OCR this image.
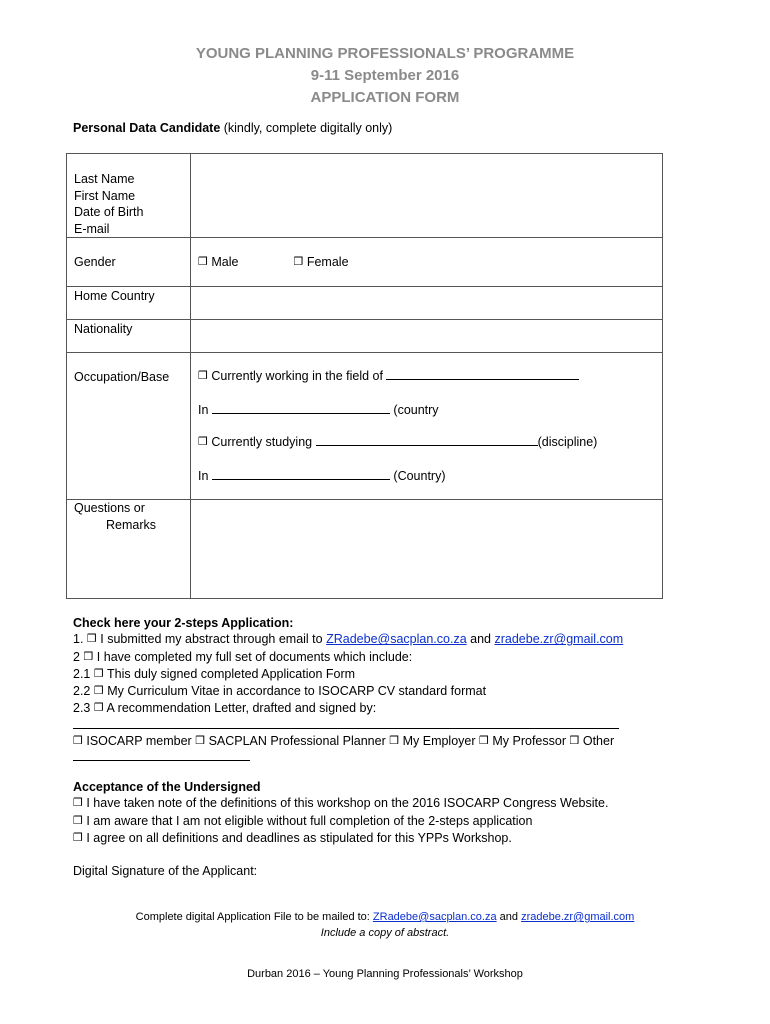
YOUNG PLANNING PROFESSIONALS’ PROGRAMME
9-11 September 2016
APPLICATION FORM
Personal Data Candidate (kindly, complete digitally only)
Last Name
First Name
Date of Birth
E-mail	

Gender	❒ Male ❒ Female
Home Country	
Nationality	
Occupation/Base	❒ Currently working in the field of
In (country
❒ Currently studying (discipline)
In (Country)

Questions or
Remarks	

Check here your 2-steps Application:
1. ❒ I submitted my abstract through email to ZRadebe@sacplan.co.za and zradebe.zr@gmail.com
2 ❒ I have completed my full set of documents which include:
2.1 ❒ This duly signed completed Application Form
2.2 ❒ My Curriculum Vitae in accordance to ISOCARP CV standard format
2.3 ❒ A recommendation Letter, drafted and signed by:
❒ ISOCARP member ❒ SACPLAN Professional Planner ❒ My Employer ❒ My Professor ❒ Other
Acceptance of the Undersigned
❒ I have taken note of the definitions of this workshop on the 2016 ISOCARP Congress Website.
❒ I am aware that I am not eligible without full completion of the 2-steps application
❒ I agree on all definitions and deadlines as stipulated for this YPPs Workshop.
Digital Signature of the Applicant:
Complete digital Application File to be mailed to: ZRadebe@sacplan.co.za and zradebe.zr@gmail.com
Include a copy of abstract.
Durban 2016 – Young Planning Professionals’ Workshop
